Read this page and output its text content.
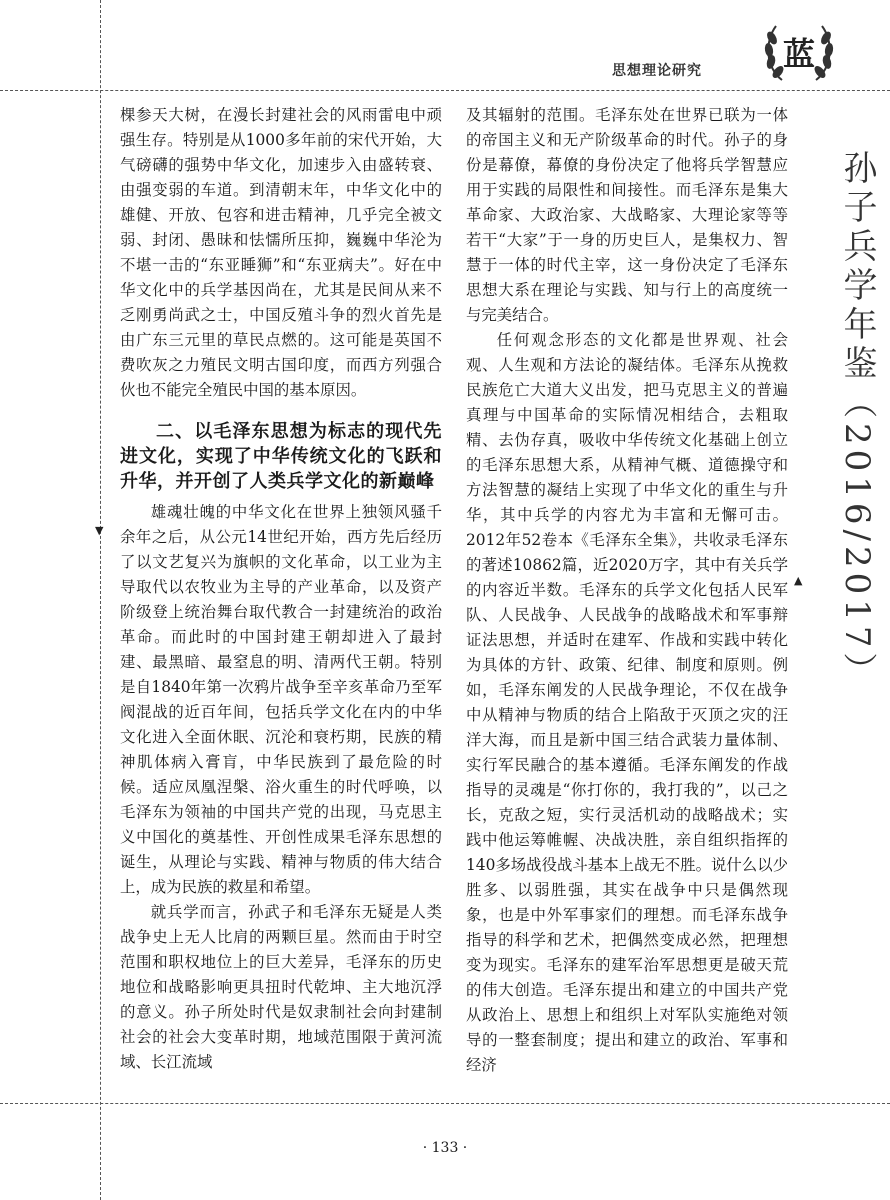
思想理论研究	蓝

棵参天大树，在漫长封建社会的风雨雷电中顽强生存。特别是从1000多年前的宋代开始，大气磅礴的强势中华文化，加速步入由盛转衰、由强变弱的车道。到清朝末年，中华文化中的雄健、开放、包容和进击精神，几乎完全被文弱、封闭、愚昧和怯懦所压抑，巍巍中华沦为不堪一击的“东亚睡狮”和“东亚病夫”。好在中华文化中的兵学基因尚在，尤其是民间从来不乏刚勇尚武之士，中国反殖斗争的烈火首先是由广东三元里的草民点燃的。这可能是英国不费吹灰之力殖民文明古国印度，而西方列强合伙也不能完全殖民中国的基本原因。

二、以毛泽东思想为标志的现代先进文化，实现了中华传统文化的飞跃和升华，并开创了人类兵学文化的新巅峰

雄魂壮魄的中华文化在世界上独领风骚千余年之后，从公元14世纪开始，西方先后经历了以文艺复兴为旗帜的文化革命，以工业为主导取代以农牧业为主导的产业革命，以及资产阶级登上统治舞台取代教合一封建统治的政治革命。而此时的中国封建王朝却进入了最封建、最黑暗、最窒息的明、清两代王朝。特别是自1840年第一次鸦片战争至辛亥革命乃至军阀混战的近百年间，包括兵学文化在内的中华文化进入全面休眠、沉沦和衰朽期，民族的精神肌体病入膏肓，中华民族到了最危险的时候。适应凤凰涅槃、浴火重生的时代呼唤，以毛泽东为领袖的中国共产党的出现，马克思主义中国化的奠基性、开创性成果毛泽东思想的诞生，从理论与实践、精神与物质的伟大结合上，成为民族的救星和希望。

就兵学而言，孙武子和毛泽东无疑是人类战争史上无人比肩的两颗巨星。然而由于时空范围和职权地位上的巨大差异，毛泽东的历史地位和战略影响更具扭时代乾坤、主大地沉浮的意义。孙子所处时代是奴隶制社会向封建制社会的社会大变革时期，地域范围限于黄河流域、长江流域

及其辐射的范围。毛泽东处在世界已联为一体的帝国主义和无产阶级革命的时代。孙子的身份是幕僚，幕僚的身份决定了他将兵学智慧应用于实践的局限性和间接性。而毛泽东是集大革命家、大政治家、大战略家、大理论家等等若干“大家”于一身的历史巨人，是集权力、智慧于一体的时代主宰，这一身份决定了毛泽东思想大系在理论与实践、知与行上的高度统一与完美结合。

任何观念形态的文化都是世界观、社会观、人生观和方法论的凝结体。毛泽东从挽救民族危亡大道大义出发，把马克思主义的普遍真理与中国革命的实际情况相结合，去粗取精、去伪存真，吸收中华传统文化基础上创立的毛泽东思想大系，从精神气概、道德操守和方法智慧的凝结上实现了中华文化的重生与升华，其中兵学的内容尤为丰富和无懈可击。2012年52卷本《毛泽东全集》，共收录毛泽东的著述10862篇，近2020万字，其中有关兵学的内容近半数。毛泽东的兵学文化包括人民军队、人民战争、人民战争的战略战术和军事辩证法思想，并适时在建军、作战和实践中转化为具体的方针、政策、纪律、制度和原则。例如，毛泽东阐发的人民战争理论，不仅在战争中从精神与物质的结合上陷敌于灭顶之灾的汪洋大海，而且是新中国三结合武装力量体制、实行军民融合的基本遵循。毛泽东阐发的作战指导的灵魂是“你打你的，我打我的”，以己之长，克敌之短，实行灵活机动的战略战术；实践中他运筹帷幄、决战决胜，亲自组织指挥的140多场战役战斗基本上战无不胜。说什么以少胜多、以弱胜强，其实在战争中只是偶然现象，也是中外军事家们的理想。而毛泽东战争指导的科学和艺术，把偶然变成必然，把理想变为现实。毛泽东的建军治军思想更是破天荒的伟大创造。毛泽东提出和建立的中国共产党从政治上、思想上和组织上对军队实施绝对领导的一整套制度；提出和建立的政治、军事和经济

孙子兵学年鉴（2016/2017）
▼
▲
· 133 ·
